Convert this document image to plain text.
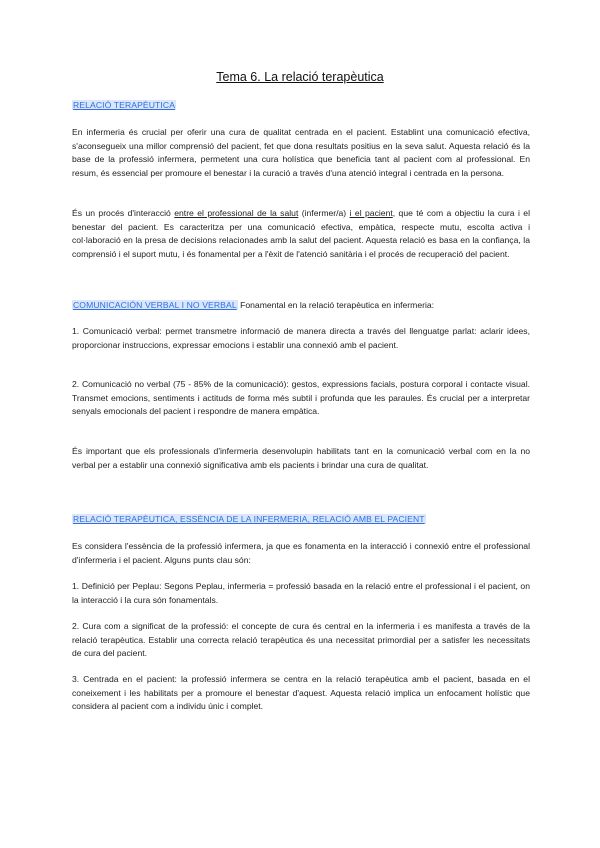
Tema 6. La relació terapèutica
RELACIÓ TERAPÈUTICA

En infermeria és crucial per oferir una cura de qualitat centrada en el pacient. Establint una comunicació efectiva, s'aconsegueix una millor comprensió del pacient, fet que dona resultats positius en la seva salut. Aquesta relació és la base de la professió infermera, permetent una cura holística que beneficia tant al pacient com al professional. En resum, és essencial per promoure el benestar i la curació a través d'una atenció integral i centrada en la persona.

És un procés d'interacció entre el professional de la salut (infermer/a) i el pacient, que té com a objectiu la cura i el benestar del pacient. Es caracteritza per una comunicació efectiva, empàtica, respecte mutu, escolta activa i col·laboració en la presa de decisions relacionades amb la salut del pacient. Aquesta relació es basa en la confiança, la comprensió i el suport mutu, i és fonamental per a l'èxit de l'atenció sanitària i el procés de recuperació del pacient.

COMUNICACIÓN VERBAL I NO VERBAL Fonamental en la relació terapèutica en infermeria:

1. Comunicació verbal: permet transmetre informació de manera directa a través del llenguatge parlat: aclarir idees, proporcionar instruccions, expressar emocions i establir una connexió amb el pacient.

2. Comunicació no verbal (75 - 85% de la comunicació): gestos, expressions facials, postura corporal i contacte visual. Transmet emocions, sentiments i actituds de forma més subtil i profunda que les paraules. És crucial per a interpretar senyals emocionals del pacient i respondre de manera empàtica.

És important que els professionals d'infermeria desenvolupin habilitats tant en la comunicació verbal com en la no verbal per a establir una connexió significativa amb els pacients i brindar una cura de qualitat.

RELACIÓ TERAPÈUTICA, ESSÈNCIA DE LA INFERMERIA, RELACIÓ AMB EL PACIENT

Es considera l'essència de la professió infermera, ja que es fonamenta en la interacció i connexió entre el professional d'infermeria i el pacient. Alguns punts clau són:

1. Definició per Peplau: Segons Peplau, infermeria = professió basada en la relació entre el professional i el pacient, on la interacció i la cura són fonamentals.

2. Cura com a significat de la professió: el concepte de cura és central en la infermeria i es manifesta a través de la relació terapèutica. Establir una correcta relació terapèutica és una necessitat primordial per a satisfer les necessitats de cura del pacient.

3. Centrada en el pacient: la professió infermera se centra en la relació terapèutica amb el pacient, basada en el coneixement i les habilitats per a promoure el benestar d'aquest. Aquesta relació implica un enfocament holístic que considera al pacient com a individu únic i complet.
